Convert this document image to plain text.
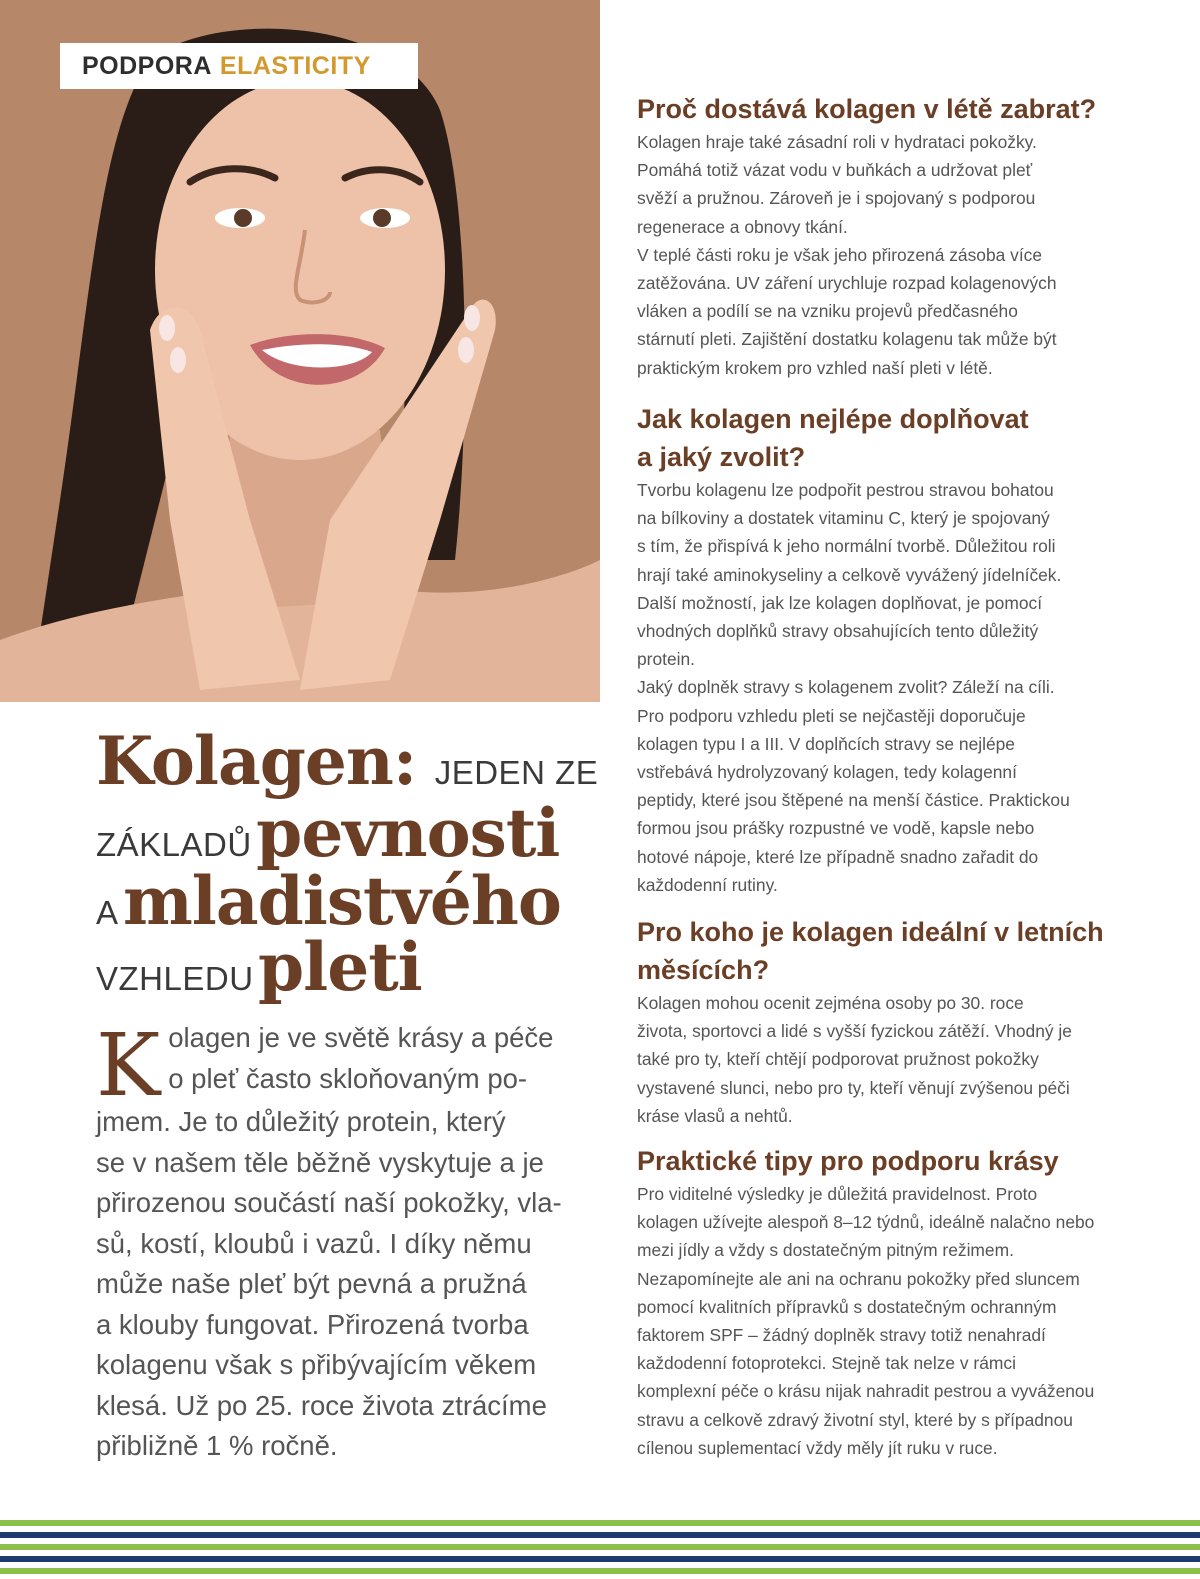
PODPORA ELASTICITY
Kolagen: JEDEN ZE
ZÁKLADŮ pevnosti
A mladistvého
VZHLEDU pleti
K olagen je ve světě krásy a péče
o pleť často skloňovaným po-
jmem. Je to důležitý protein, který
se v našem těle běžně vyskytuje a je
přirozenou součástí naší pokožky, vla-
sů, kostí, kloubů i vazů. I díky němu
může naše pleť být pevná a pružná
a klouby fungovat. Přirozená tvorba
kolagenu však s přibývajícím věkem
klesá. Už po 25. roce života ztrácíme
přibližně 1 % ročně.
Proč dostává kolagen v létě zabrat?
Kolagen hraje také zásadní roli v hydrataci pokožky.
Pomáhá totiž vázat vodu v buňkách a udržovat pleť
svěží a pružnou. Zároveň je i spojovaný s podporou
regenerace a obnovy tkání.
V teplé části roku je však jeho přirozená zásoba více
zatěžována. UV záření urychluje rozpad kolagenových
vláken a podílí se na vzniku projevů předčasného
stárnutí pleti. Zajištění dostatku kolagenu tak může být
praktickým krokem pro vzhled naší pleti v létě.
Jak kolagen nejlépe doplňovat
a jaký zvolit?
Tvorbu kolagenu lze podpořit pestrou stravou bohatou
na bílkoviny a dostatek vitaminu C, který je spojovaný
s tím, že přispívá k jeho normální tvorbě. Důležitou roli
hrají také aminokyseliny a celkově vyvážený jídelníček.
Další možností, jak lze kolagen doplňovat, je pomocí
vhodných doplňků stravy obsahujících tento důležitý
protein.
Jaký doplněk stravy s kolagenem zvolit? Záleží na cíli.
Pro podporu vzhledu pleti se nejčastěji doporučuje
kolagen typu I a III. V doplňcích stravy se nejlépe
vstřebává hydrolyzovaný kolagen, tedy kolagenní
peptidy, které jsou štěpené na menší částice. Praktickou
formou jsou prášky rozpustné ve vodě, kapsle nebo
hotové nápoje, které lze případně snadno zařadit do
každodenní rutiny.
Pro koho je kolagen ideální v letních
měsících?
Kolagen mohou ocenit zejména osoby po 30. roce
života, sportovci a lidé s vyšší fyzickou zátěží. Vhodný je
také pro ty, kteří chtějí podporovat pružnost pokožky
vystavené slunci, nebo pro ty, kteří věnují zvýšenou péči
kráse vlasů a nehtů.
Praktické tipy pro podporu krásy
Pro viditelné výsledky je důležitá pravidelnost. Proto
kolagen užívejte alespoň 8–12 týdnů, ideálně nalačno nebo
mezi jídly a vždy s dostatečným pitným režimem.
Nezapomínejte ale ani na ochranu pokožky před sluncem
pomocí kvalitních přípravků s dostatečným ochranným
faktorem SPF – žádný doplněk stravy totiž nenahradí
každodenní fotoprotekci. Stejně tak nelze v rámci
komplexní péče o krásu nijak nahradit pestrou a vyváženou
stravu a celkově zdravý životní styl, které by s případnou
cílenou suplementací vždy měly jít ruku v ruce.
